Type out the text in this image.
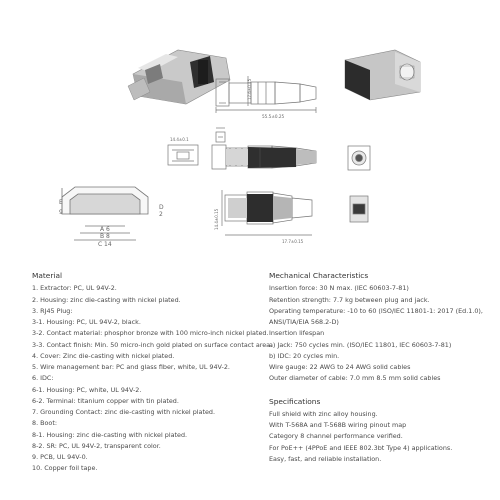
55.5±0.25
17.6±0.15
14.4±0.1
E
9
D
2
A 6
B 8
C 14
14.4±0.15
17.7±0.15
Material
1. Extractor: PC, UL 94V-2.
2. Housing: zinc die-casting with nickel plated.
3. RJ45 Plug:
3-1. Housing: PC, UL 94V-2, black.
3-2. Contact material: phosphor bronze with 100 micro-inch nickel plated.
3-3. Contact finish: Min. 50 micro-inch gold plated on surface contact area.
4. Cover: Zinc die-casting with nickel plated.
5. Wire management bar: PC and glass fiber, white, UL 94V-2.
6. IDC:
6-1. Housing: PC, white, UL 94V-2.
6-2. Terminal: titanium copper with tin plated.
7. Grounding Contact: zinc die-casting with nickel plated.
8. Boot:
8-1. Housing: zinc die-casting with nickel plated.
8-2. SR: PC, UL 94V-2, transparent color.
9. PCB, UL 94V-0.
10. Copper foil tape.
Mechanical Characteristics
Insertion force: 30 N max. (IEC 60603-7-81)
Retention strength: 7.7 kg between plug and jack.
Operating temperature: -10 to 60 (ISO/IEC 11801-1: 2017 (Ed.1.0),
ANSI/TIA/EIA 568.2-D)
Insertion lifespan
a) Jack: 750 cycles min. (ISO/IEC 11801, IEC 60603-7-81)
b) IDC: 20 cycles min.
Wire gauge: 22 AWG to 24 AWG solid cables
Outer diameter of cable: 7.0 mm 8.5 mm solid cables
Specifications
Full shield with zinc alloy housing.
With T-568A and T-568B wiring pinout map
Category 8 channel performance verified.
For PoE++ (4PPoE and IEEE 802.3bt Type 4) applications.
Easy, fast, and reliable installation.
